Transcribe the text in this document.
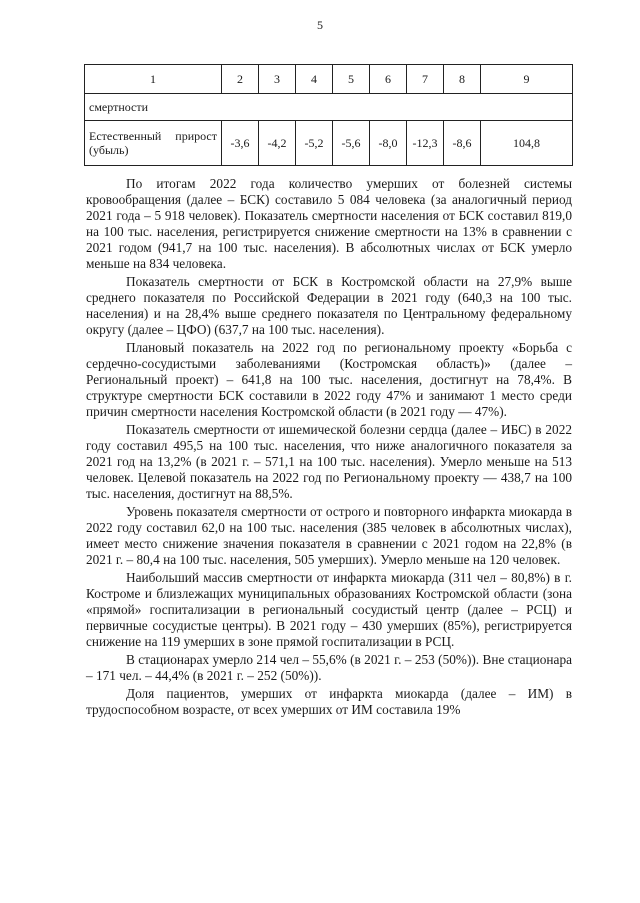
5
1	2	3	4	5	6	7	8	9
смертности								
Естественный прирост (убыль)	-3,6	-4,2	-5,2	-5,6	-8,0	-12,3	-8,6	104,8

По итогам 2022 года количество умерших от болезней системы кровообращения (далее – БСК) составило 5 084 человека (за аналогичный период 2021 года – 5 918 человек). Показатель смертности населения от БСК составил 819,0 на 100 тыс. населения, регистрируется снижение смертности на 13% в сравнении с 2021 годом (941,7 на 100 тыс. населения). В абсолютных числах от БСК умерло меньше на 834 человека.

Показатель смертности от БСК в Костромской области на 27,9% выше среднего показателя по Российской Федерации в 2021 году (640,3 на 100 тыс. населения) и на 28,4% выше среднего показателя по Центральному федеральному округу (далее – ЦФО) (637,7 на 100 тыс. населения).

Плановый показатель на 2022 год по региональному проекту «Борьба с сердечно-сосудистыми заболеваниями (Костромская область)» (далее – Региональный проект) – 641,8 на 100 тыс. населения, достигнут на 78,4%. В структуре смертности БСК составили в 2022 году 47% и занимают 1 место среди причин смертности населения Костромской области (в 2021 году — 47%).

Показатель смертности от ишемической болезни сердца (далее – ИБС) в 2022 году составил 495,5 на 100 тыс. населения, что ниже аналогичного показателя за 2021 год на 13,2% (в 2021 г. – 571,1 на 100 тыс. населения). Умерло меньше на 513 человек. Целевой показатель на 2022 год по Региональному проекту — 438,7 на 100 тыс. населения, достигнут на 88,5%.

Уровень показателя смертности от острого и повторного инфаркта миокарда в 2022 году составил 62,0 на 100 тыс. населения (385 человек в абсолютных числах), имеет место снижение значения показателя в сравнении с 2021 годом на 22,8% (в 2021 г. – 80,4 на 100 тыс. населения, 505 умерших). Умерло меньше на 120 человек.

Наибольший массив смертности от инфаркта миокарда (311 чел – 80,8%) в г. Костроме и близлежащих муниципальных образованиях Костромской области (зона «прямой» госпитализации в региональный сосудистый центр (далее – РСЦ) и первичные сосудистые центры). В 2021 году – 430 умерших (85%), регистрируется снижение на 119 умерших в зоне прямой госпитализации в РСЦ.

В стационарах умерло 214 чел – 55,6% (в 2021 г. – 253 (50%)). Вне стационара – 171 чел. – 44,4% (в 2021 г. – 252 (50%)).

Доля пациентов, умерших от инфаркта миокарда (далее – ИМ) в трудоспособном возрасте, от всех умерших от ИМ составила 19%
